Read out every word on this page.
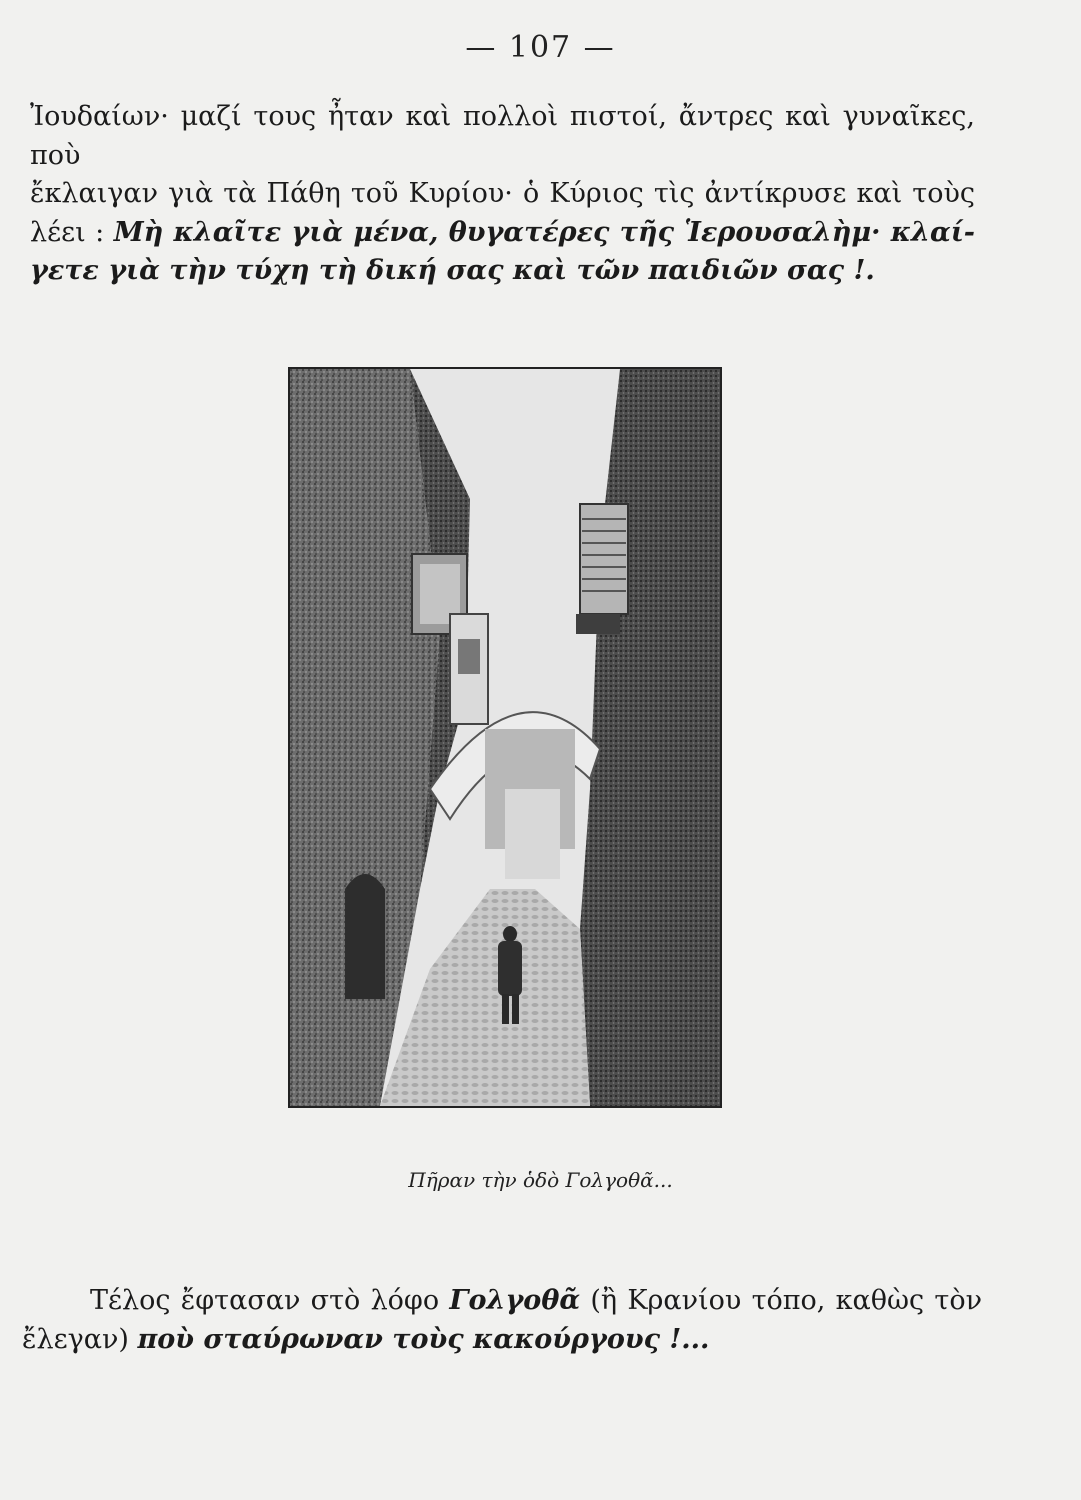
— 107 —

Ἰουδαίων· μαζί τους ἦταν καὶ πολλοὶ πιστοί, ἄντρες καὶ γυναῖκες, ποὺ

ἔκλαιγαν γιὰ τὰ Πάθη τοῦ Κυρίου· ὁ Κύριος τὶς ἀντίκρυσε καὶ τοὺς

λέει : Μὴ κλαῖτε γιὰ μένα, θυγατέρες τῆς Ἱερουσαλὴμ· κλαί-

γετε γιὰ τὴν τύχη τὴ δική σας καὶ τῶν παιδιῶν σας !.

Πῆραν τὴν ὁδὸ Γολγοθᾶ...

Τέλος ἔφτασαν στὸ λόφο Γολγοθᾶ (ἢ Κρανίου τόπο, καθὼς τὸν

ἔλεγαν) ποὺ σταύρωναν τοὺς κακούργους !...
